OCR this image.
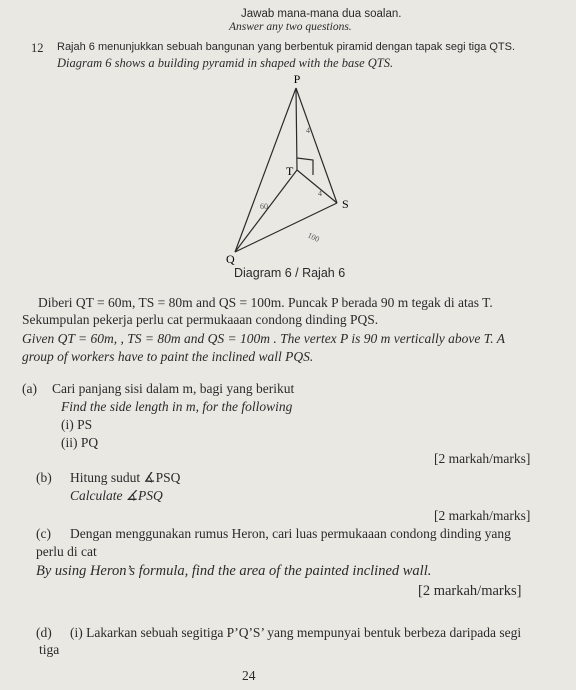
Jawab mana-mana dua soalan.
Answer any two questions.
12 Rajah 6 menunjukkan sebuah bangunan yang berbentuk piramid dengan tapak segi tiga QTS.
Diagram 6 shows a building pyramid in shaped with the base QTS.
P
T
S
Q
4
4
60
100
Diagram 6 / Rajah 6
Diberi QT = 60m, TS = 80m and QS = 100m. Puncak P berada 90 m tegak di atas T.
Sekumpulan pekerja perlu cat permukaaan condong dinding PQS.
Given QT = 60m, , TS = 80m and QS = 100m . The vertex P is 90 m vertically above T. A
group of workers have to paint the inclined wall PQS.
(a) Cari panjang sisi dalam m, bagi yang berikut
Find the side length in m, for the following
(i) PS
(ii) PQ
[2 markah/marks]
(b) Hitung sudut ∡PSQ
Calculate ∡PSQ
[2 markah/marks]
(c) Dengan menggunakan rumus Heron, cari luas permukaaan condong dinding yang
perlu di cat
By using Heron’s formula, find the area of the painted inclined wall.
[2 markah/marks]
(d) (i) Lakarkan sebuah segitiga P’Q’S’ yang mempunyai bentuk berbeza daripada segi
tiga
24
